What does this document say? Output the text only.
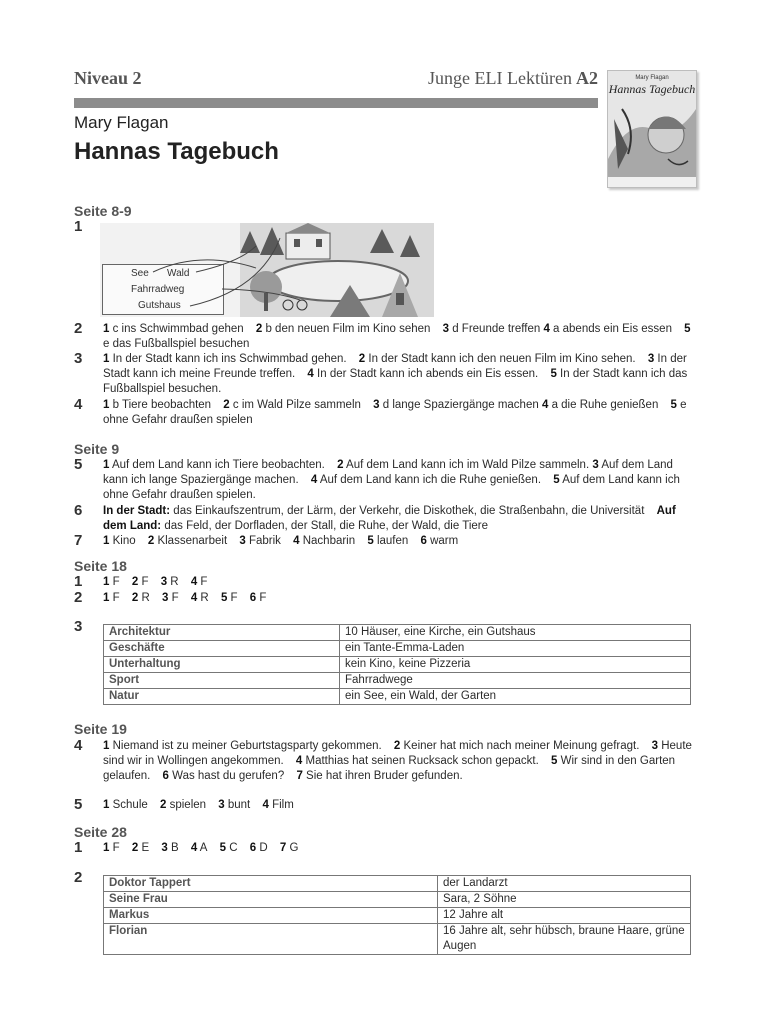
Niveau 2	Junge ELI Lektüren A2
Mary Flagan
Hannas Tagebuch
Mary Flagan
Hannas Tagebuch
Seite 8-9
1
See Wald
Fahrradweg
Gutshaus
2 1 c ins Schwimmbad gehen 2 b den neuen Film im Kino sehen 3 d Freunde treffen 4 a abends ein Eis essen 5 e das Fußballspiel besuchen
3 1 In der Stadt kann ich ins Schwimmbad gehen. 2 In der Stadt kann ich den neuen Film im Kino sehen. 3 In der Stadt kann ich meine Freunde treffen. 4 In der Stadt kann ich abends ein Eis essen. 5 In der Stadt kann ich das Fußballspiel besuchen.
4 1 b Tiere beobachten 2 c im Wald Pilze sammeln 3 d lange Spaziergänge machen 4 a die Ruhe genießen 5 e ohne Gefahr draußen spielen
Seite 9
5 1 Auf dem Land kann ich Tiere beobachten. 2 Auf dem Land kann ich im Wald Pilze sammeln. 3 Auf dem Land kann ich lange Spaziergänge machen. 4 Auf dem Land kann ich die Ruhe genießen. 5 Auf dem Land kann ich ohne Gefahr draußen spielen.
6 In der Stadt: das Einkaufszentrum, der Lärm, der Verkehr, die Diskothek, die Straßenbahn, die Universität Auf dem Land: das Feld, der Dorfladen, der Stall, die Ruhe, der Wald, die Tiere
7 1 Kino 2 Klassenarbeit 3 Fabrik 4 Nachbarin 5 laufen 6 warm
Seite 18
1 1 F 2 F 3 R 4 F
2 1 F 2 R 3 F 4 R 5 F 6 F
3 Architektur	10 Häuser, eine Kirche, ein Gutshaus
Geschäfte	ein Tante-Emma-Laden
Unterhaltung	kein Kino, keine Pizzeria
Sport	Fahrradwege
Natur	ein See, ein Wald, der Garten
Seite 19
4 1 Niemand ist zu meiner Geburtstagsparty gekommen. 2 Keiner hat mich nach meiner Meinung gefragt. 3 Heute sind wir in Wollingen angekommen. 4 Matthias hat seinen Rucksack schon gepackt. 5 Wir sind in den Garten gelaufen. 6 Was hast du gerufen? 7 Sie hat ihren Bruder gefunden.
5 1 Schule 2 spielen 3 bunt 4 Film
Seite 28
1 1 F 2 E 3 B 4 A 5 C 6 D 7 G
2 Doktor Tappert	der Landarzt
Seine Frau	Sara, 2 Söhne
Markus	12 Jahre alt
Florian	16 Jahre alt, sehr hübsch, braune Haare, grüne Augen
